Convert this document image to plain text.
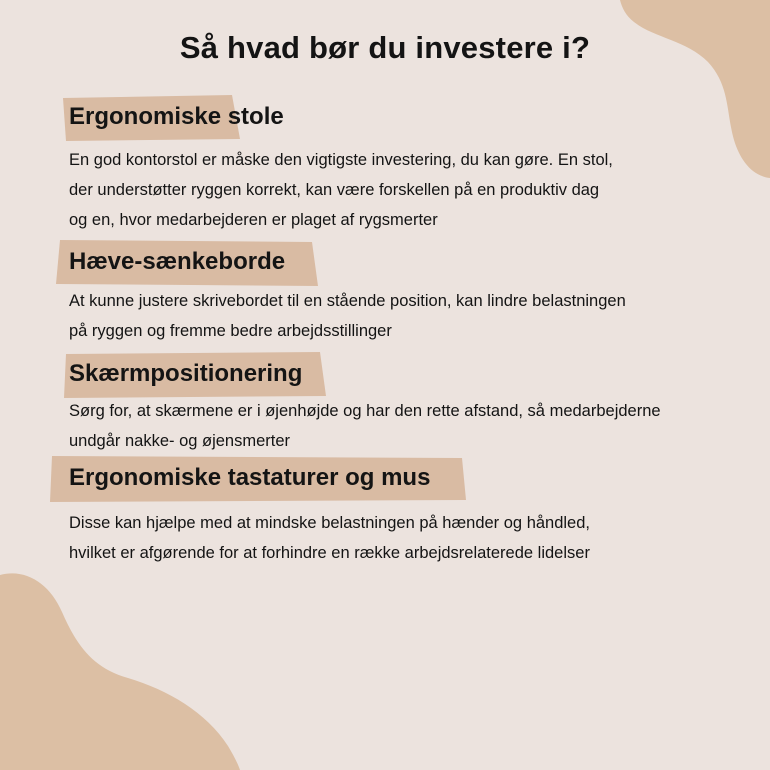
Så hvad bør du investere i?
Ergonomiske stole

En god kontorstol er måske den vigtigste investering, du kan gøre. En stol,
der understøtter ryggen korrekt, kan være forskellen på en produktiv dag
og en, hvor medarbejderen er plaget af rygsmerter

Hæve-sænkeborde

At kunne justere skrivebordet til en stående position, kan lindre belastningen
på ryggen og fremme bedre arbejdsstillinger

Skærmpositionering

Sørg for, at skærmene er i øjenhøjde og har den rette afstand, så medarbejderne
undgår nakke- og øjensmerter

Ergonomiske tastaturer og mus

Disse kan hjælpe med at mindske belastningen på hænder og håndled,
hvilket er afgørende for at forhindre en række arbejdsrelaterede lidelser
